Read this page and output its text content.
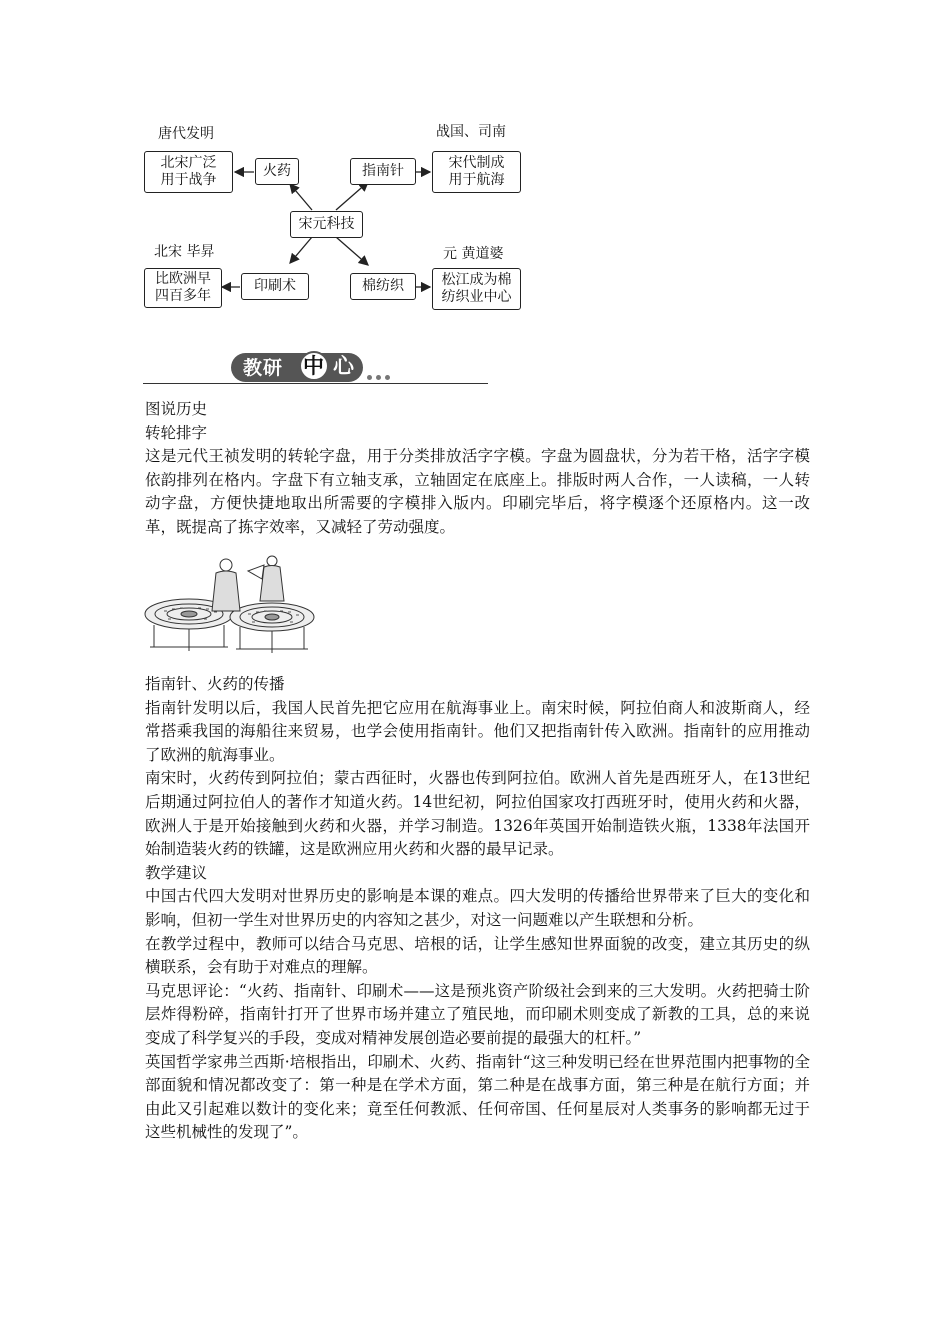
唐代发明	战国、司南
北宋 毕昇	元 黄道婆
北宋广泛
用于战争
火药	指南针	宋代制成
用于航海
宋元科技
比欧洲早
四百多年
印刷术	棉纺织	松江成为棉
纺织业中心
教研 中 心

图说历史

转轮排字

这是元代王祯发明的转轮字盘，用于分类排放活字字模。字盘为圆盘状，分为若干格，活字字模依韵排列在格内。字盘下有立轴支承，立轴固定在底座上。排版时两人合作，一人读稿，一人转动字盘，方便快捷地取出所需要的字模排入版内。印刷完毕后，将字模逐个还原格内。这一改革，既提高了拣字效率，又减轻了劳动强度。

指南针、火药的传播

指南针发明以后，我国人民首先把它应用在航海事业上。南宋时候，阿拉伯商人和波斯商人，经常搭乘我国的海船往来贸易，也学会使用指南针。他们又把指南针传入欧洲。指南针的应用推动了欧洲的航海事业。

南宋时，火药传到阿拉伯；蒙古西征时，火器也传到阿拉伯。欧洲人首先是西班牙人，在13世纪后期通过阿拉伯人的著作才知道火药。14世纪初，阿拉伯国家攻打西班牙时，使用火药和火器，欧洲人于是开始接触到火药和火器，并学习制造。1326年英国开始制造铁火瓶，1338年法国开始制造装火药的铁罐，这是欧洲应用火药和火器的最早记录。

教学建议

中国古代四大发明对世界历史的影响是本课的难点。四大发明的传播给世界带来了巨大的变化和影响，但初一学生对世界历史的内容知之甚少，对这一问题难以产生联想和分析。

在教学过程中，教师可以结合马克思、培根的话，让学生感知世界面貌的改变，建立其历史的纵横联系，会有助于对难点的理解。

马克思评论：“火药、指南针、印刷术——这是预兆资产阶级社会到来的三大发明。火药把骑士阶层炸得粉碎，指南针打开了世界市场并建立了殖民地，而印刷术则变成了新教的工具，总的来说变成了科学复兴的手段，变成对精神发展创造必要前提的最强大的杠杆。”

英国哲学家弗兰西斯·培根指出，印刷术、火药、指南针“这三种发明已经在世界范围内把事物的全部面貌和情况都改变了：第一种是在学术方面，第二种是在战事方面，第三种是在航行方面；并由此又引起难以数计的变化来；竟至任何教派、任何帝国、任何星辰对人类事务的影响都无过于这些机械性的发现了”。
